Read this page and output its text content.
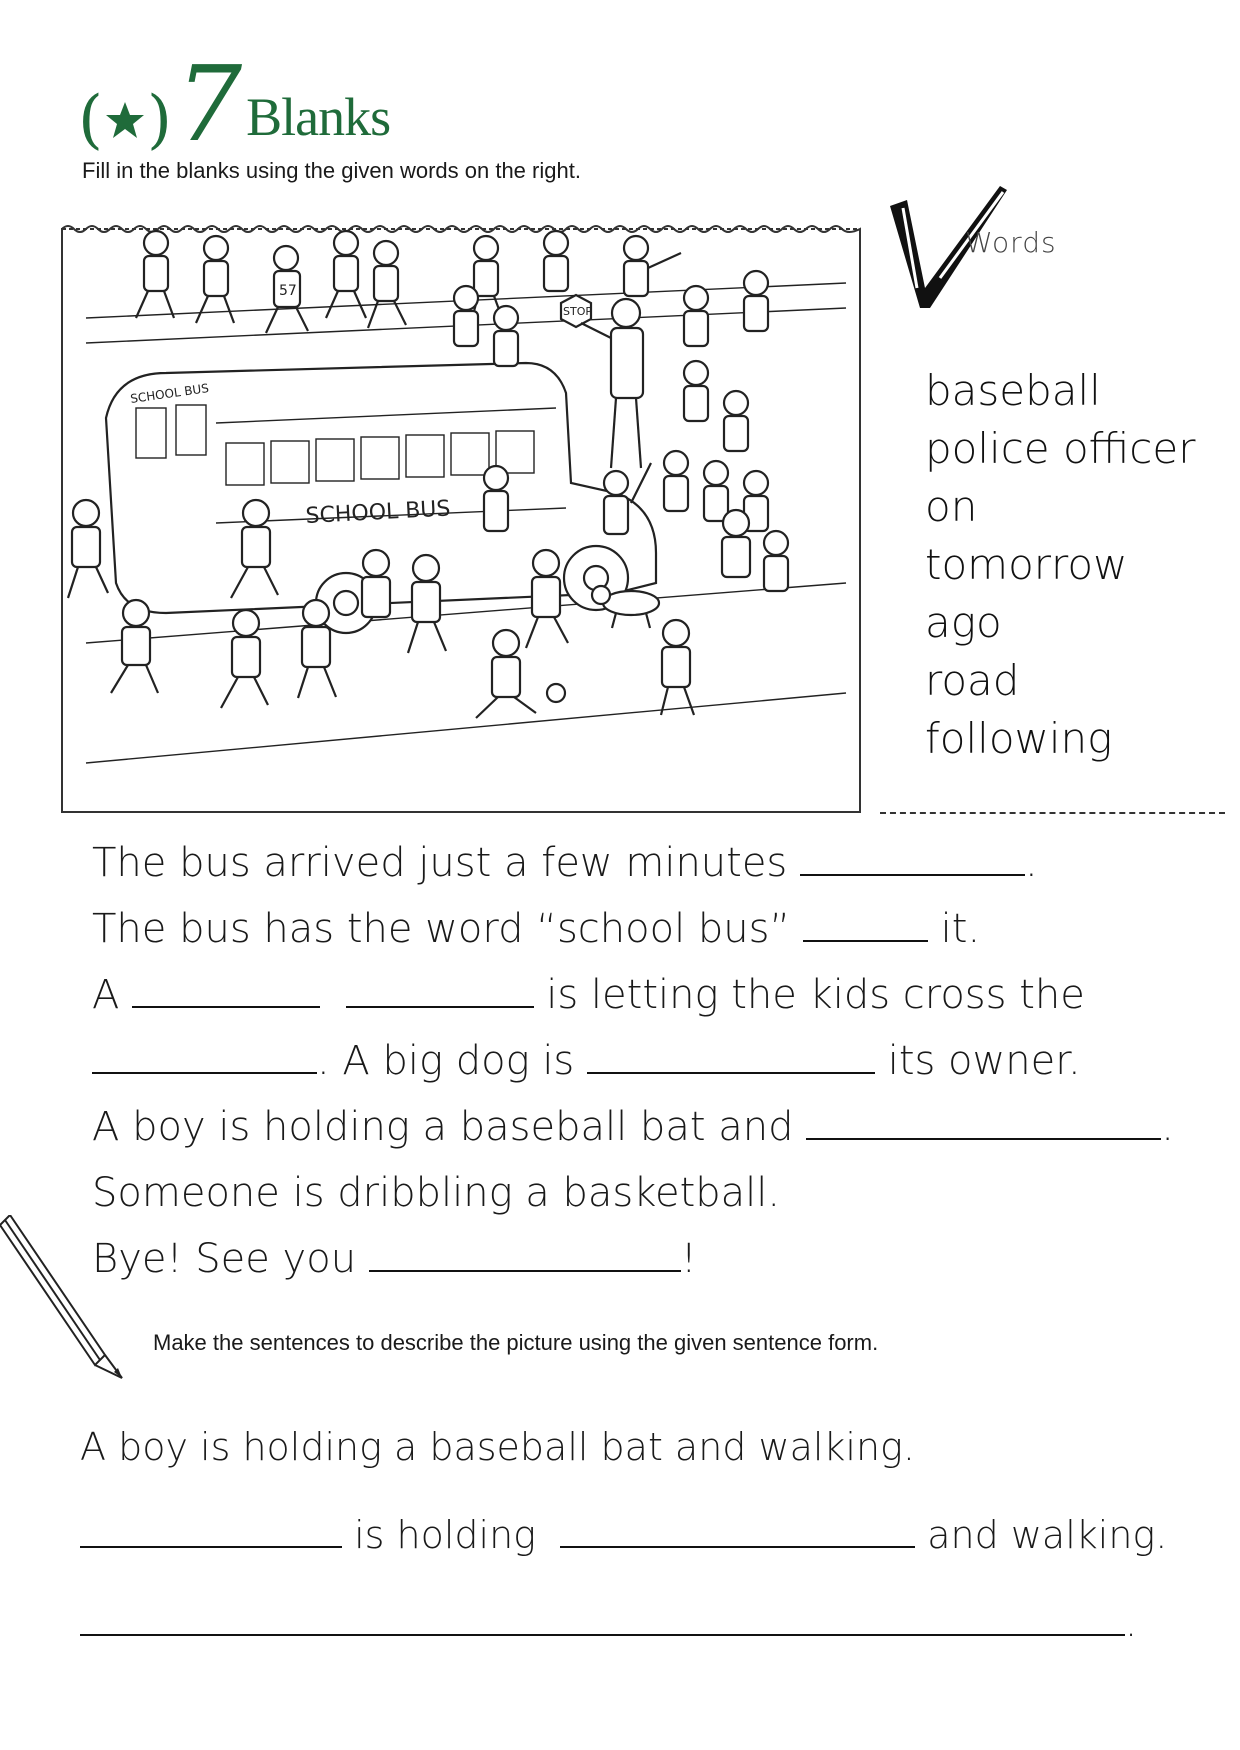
( ) 7 Blanks
Fill in the blanks using the given words on the right.
SCHOOL BUS
SCHOOL BUS
STOP
57
Words
baseball
police officer
on
tomorrow
ago
road
following
The bus arrived just a few minutes	.
The bus has the word “school bus”	it.
A	is letting the kids cross the
. A big dog is	its owner.
A boy is holding a baseball bat and	.
Someone is dribbling a basketball.
Bye! See you	!
Make the sentences to describe the picture using the given sentence form.
A boy is holding a baseball bat and walking.
is holding	and walking.
.
